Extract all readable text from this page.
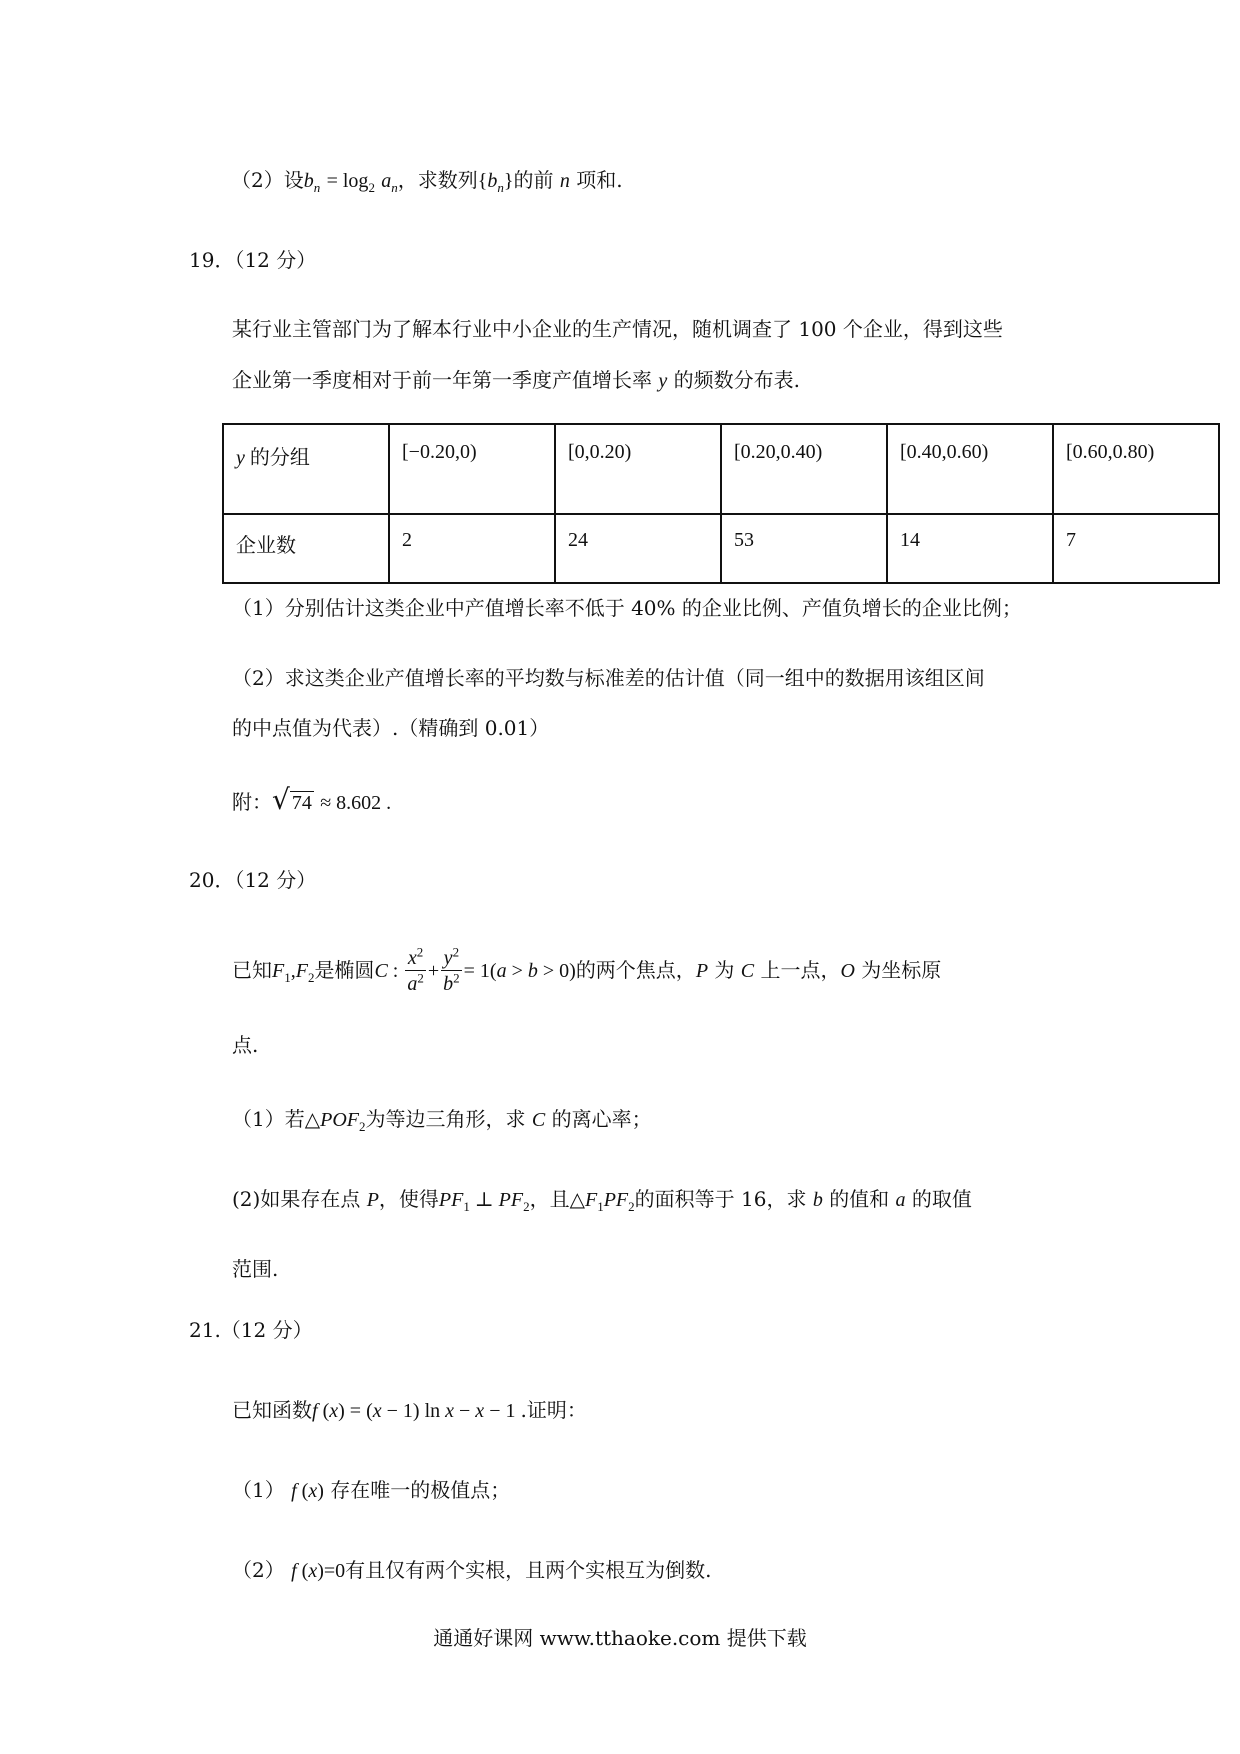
（2）设$b_n = \log_2 a_n$，求数列$\{b_n\}$的前 n 项和.
19．（12 分）
某行业主管部门为了解本行业中小企业的生产情况，随机调查了 100 个企业，得到这些
企业第一季度相对于前一年第一季度产值增长率 y 的频数分布表.
y 的分组	[−0.20,0)	[0,0.20)	[0.20,0.40)	[0.40,0.60)	[0.60,0.80)
企业数	2	24	53	14	7
（1）分别估计这类企业中产值增长率不低于 40% 的企业比例、产值负增长的企业比例；
（2）求这类企业产值增长率的平均数与标准差的估计值（同一组中的数据用该组区间
的中点值为代表）.（精确到 0.01）
附：√ 74 ≈ 8.602 .
20．（12 分）
已知$F_1,F_2$是椭圆C : $\frac{x^2}{a^2} + \frac{y^2}{b^2} = 1(a > b > 0)$的两个焦点，P 为 C 上一点，O 为坐标原
点.
（1）若$\triangle POF_2$为等边三角形，求 C 的离心率；
(2)如果存在点 P，使得$PF_1$ ⊥ $PF_2$，且$\triangle F_1PF_2$的面积等于 16，求 b 的值和 a 的取值
范围.
21.（12 分）
已知函数f (x) = (x − 1) ln x − x − 1 .证明：
（1） f (x) 存在唯一的极值点；
（2） f (x)=0有且仅有两个实根，且两个实根互为倒数.
通通好课网 www.tthaoke.com 提供下载
